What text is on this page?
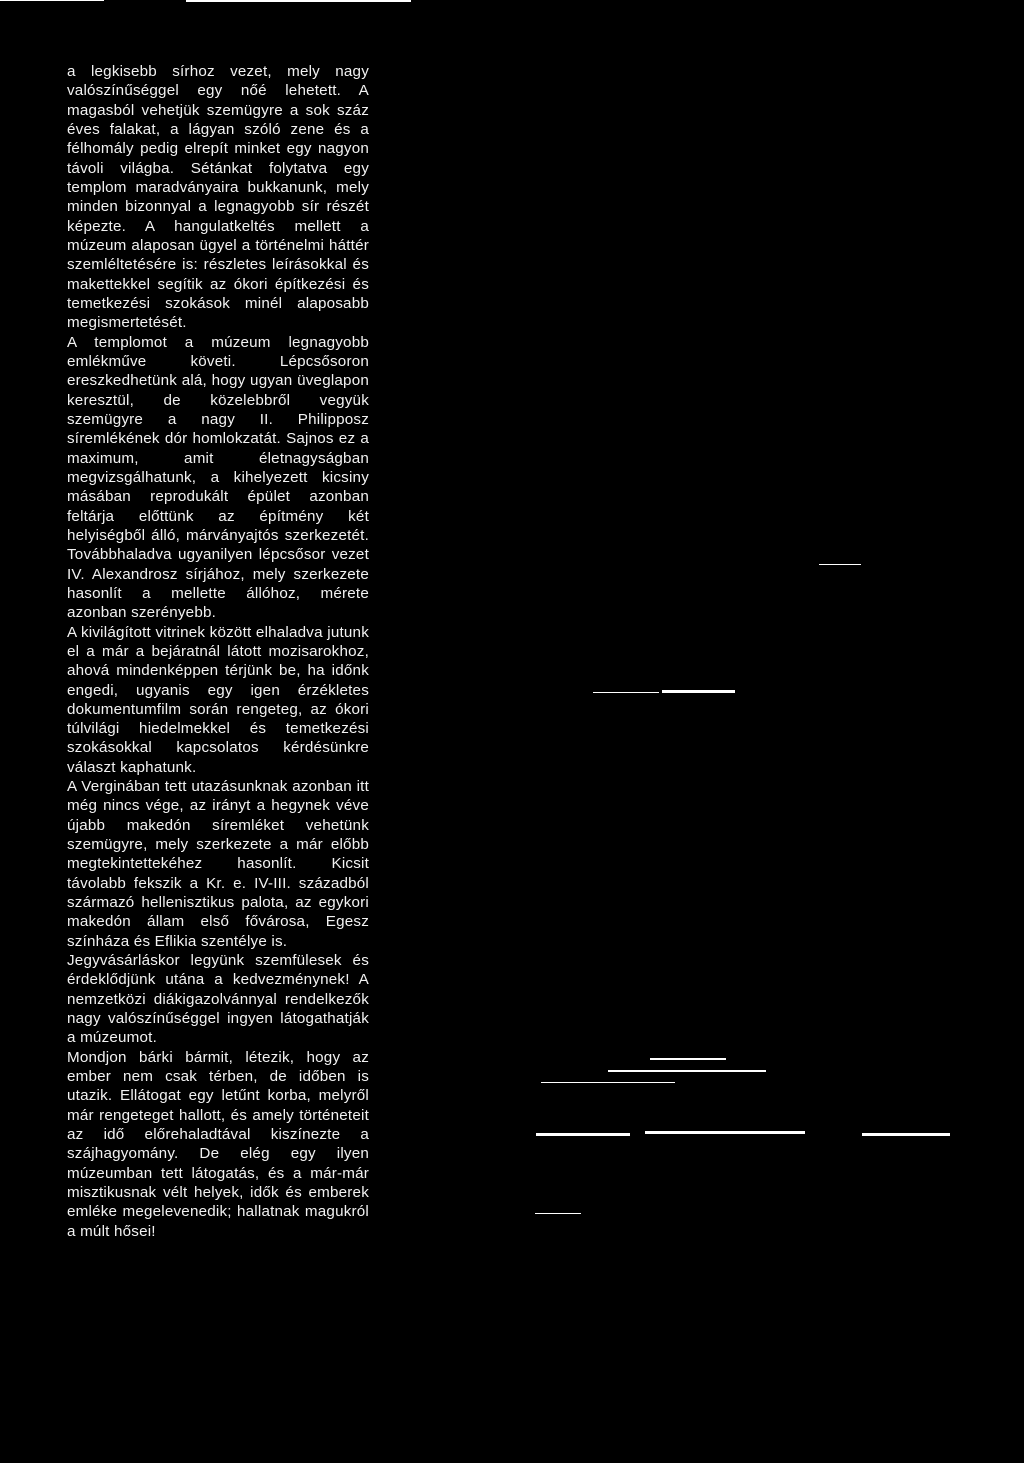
a legkisebb sírhoz vezet, mely nagy valószínűséggel egy nőé lehetett. A magasból vehetjük szemügyre a sok száz éves falakat, a lágyan szóló zene és a félhomály pedig elrepít minket egy nagyon távoli világba. Sétánkat folytatva egy templom maradványaira bukkanunk, mely minden bizonnyal a legnagyobb sír részét képezte. A hangulatkeltés mellett a múzeum alaposan ügyel a történelmi háttér szemléltetésére is: részletes leírásokkal és makettekkel segítik az ókori építkezési és temetkezési szokások minél alaposabb megismertetését.

A templomot a múzeum legnagyobb emlékműve követi. Lépcsősoron ereszkedhetünk alá, hogy ugyan üveglapon keresztül, de közelebbről vegyük szemügyre a nagy II. Philipposz síremlékének dór homlokzatát. Sajnos ez a maximum, amit életnagyságban megvizsgálhatunk, a kihelyezett kicsiny másában reprodukált épület azonban feltárja előttünk az építmény két helyiségből álló, márványajtós szerkezetét. Továbbhaladva ugyanilyen lépcsősor vezet IV. Alexandrosz sírjához, mely szerkezete hasonlít a mellette állóhoz, mérete azonban szerényebb.

A kivilágított vitrinek között elhaladva jutunk el a már a bejáratnál látott mozisarokhoz, ahová mindenképpen térjünk be, ha időnk engedi, ugyanis egy igen érzékletes dokumentumfilm során rengeteg, az ókori túlvilági hiedelmekkel és temetkezési szokásokkal kapcsolatos kérdésünkre választ kaphatunk.

A Verginában tett utazásunknak azonban itt még nincs vége, az irányt a hegynek véve újabb makedón síremléket vehetünk szemügyre, mely szerkezete a már előbb megtekintettekéhez hasonlít. Kicsit távolabb fekszik a Kr. e. IV-III. századból származó hellenisztikus palota, az egykori makedón állam első fővárosa, Egesz színháza és Eflikia szentélye is.

Jegyvásárláskor legyünk szemfülesek és érdeklődjünk utána a kedvezménynek! A nemzetközi diákigazolvánnyal rendelkezők nagy valószínűséggel ingyen látogathatják a múzeumot.

Mondjon bárki bármit, létezik, hogy az ember nem csak térben, de időben is utazik. Ellátogat egy letűnt korba, melyről már rengeteget hallott, és amely történeteit az idő előrehaladtával kiszínezte a szájhagyomány. De elég egy ilyen múzeumban tett látogatás, és a már-már misztikusnak vélt helyek, idők és emberek emléke megelevenedik; hallatnak magukról a múlt hősei!
